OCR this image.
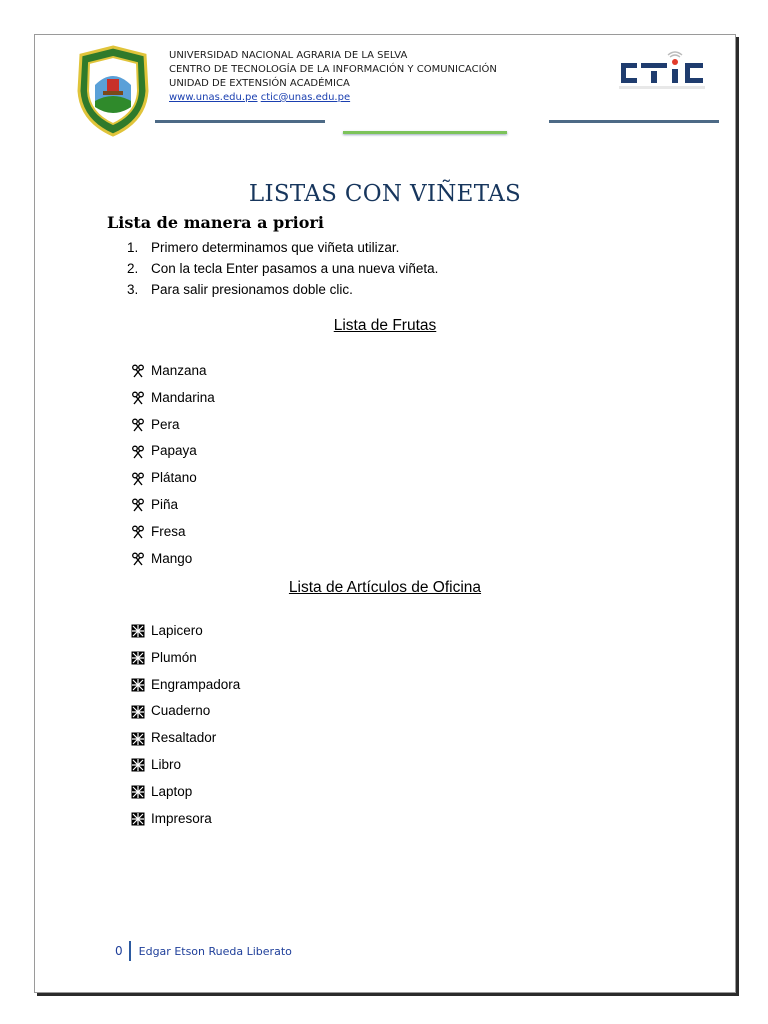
UNIVERSIDAD NACIONAL AGRARIA DE LA SELVA
CENTRO DE TECNOLOGÍA DE LA INFORMACIÓN Y COMUNICACIÓN
UNIDAD DE EXTENSIÓN ACADÉMICA
www.unas.edu.pe ctic@unas.edu.pe
LISTAS CON VIÑETAS
Lista de manera a priori
1. Primero determinamos que viñeta utilizar.
2. Con la tecla Enter pasamos a una nueva viñeta.
3. Para salir presionamos doble clic.
Lista de Frutas
Manzana
Mandarina
Pera
Papaya
Plátano
Piña
Fresa
Mango
Lista de Artículos de Oficina
Lapicero
Plumón
Engrampadora
Cuaderno
Resaltador
Libro
Laptop
Impresora
0 Edgar Etson Rueda Liberato
